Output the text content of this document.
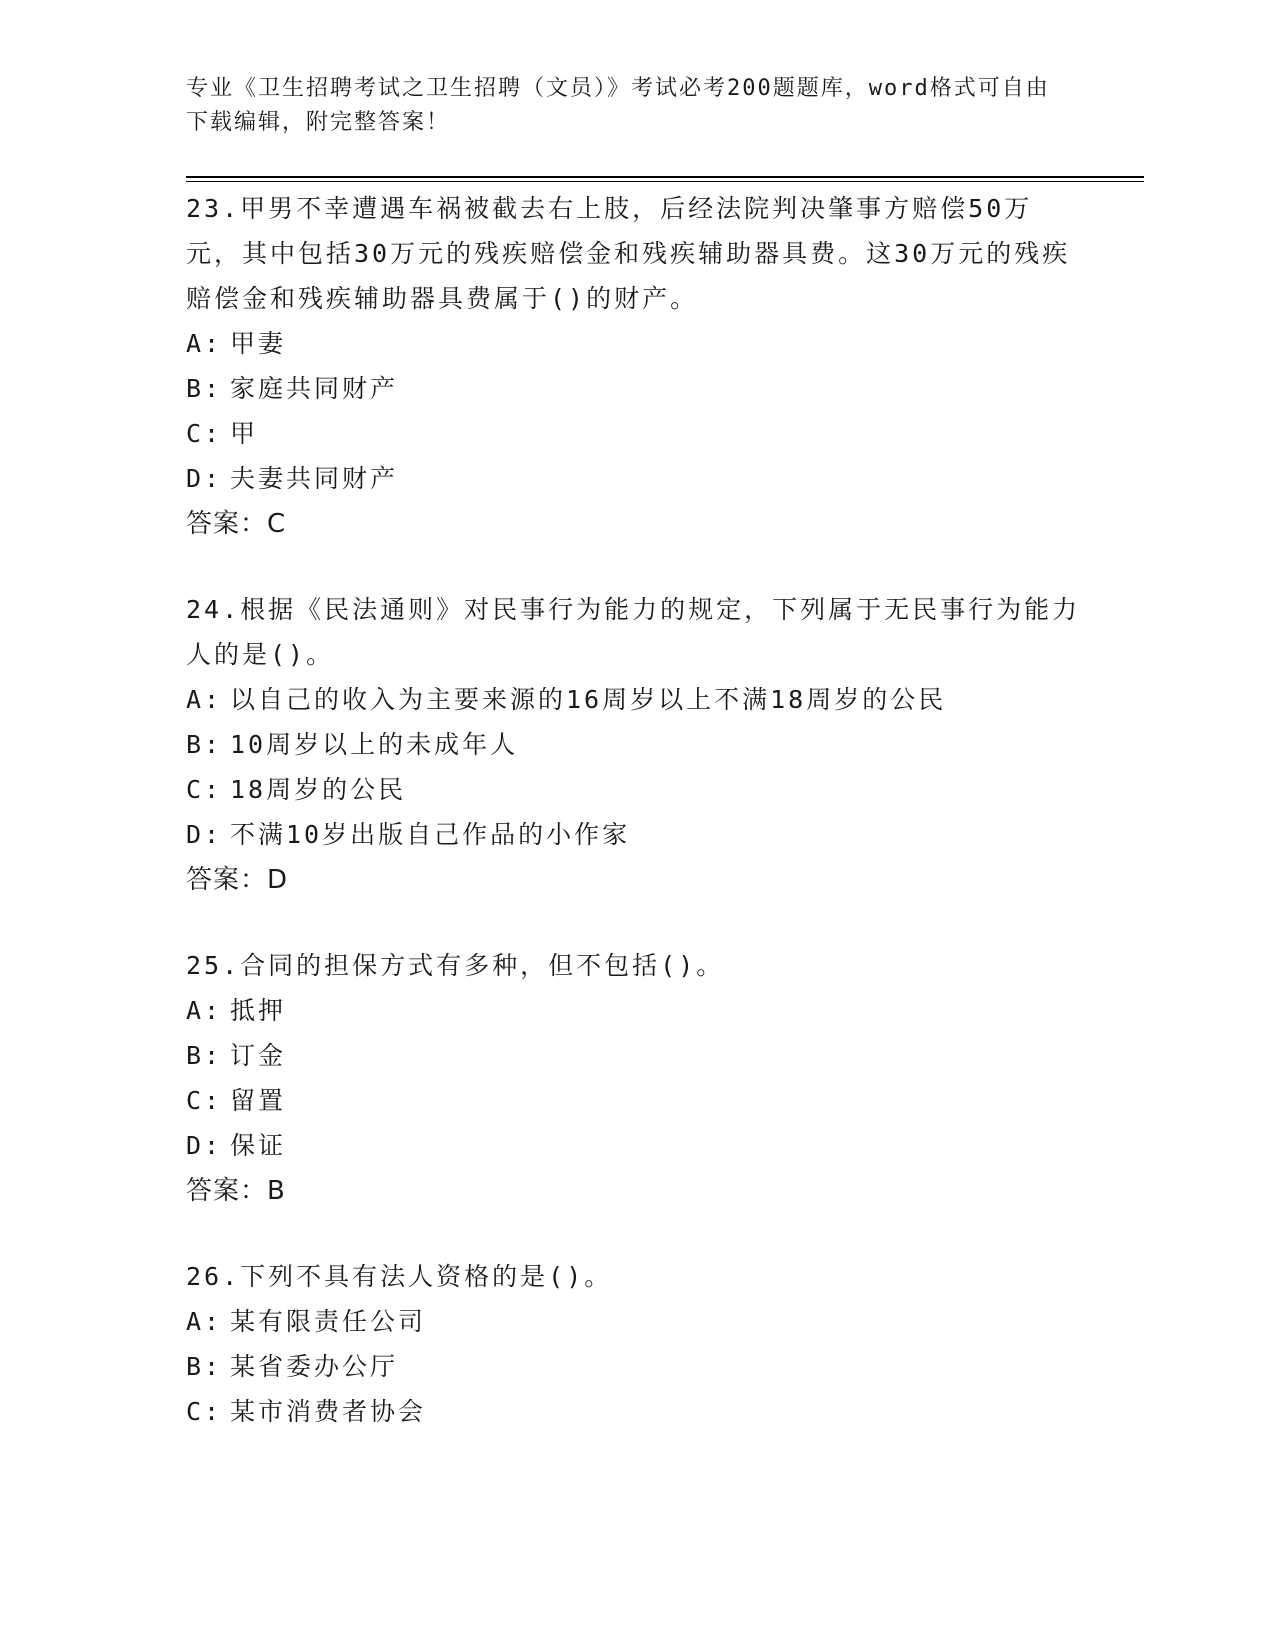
专业《卫生招聘考试之卫生招聘（文员）》考试必考200题题库，word格式可自由下载编辑，附完整答案！

23.甲男不幸遭遇车祸被截去右上肢，后经法院判决肇事方赔偿50万元，其中包括30万元的残疾赔偿金和残疾辅助器具费。这30万元的残疾赔偿金和残疾辅助器具费属于()的财产。

A: 甲妻

B: 家庭共同财产

C: 甲

D: 夫妻共同财产

答案：C

24.根据《民法通则》对民事行为能力的规定，下列属于无民事行为能力人的是()。

A: 以自己的收入为主要来源的16周岁以上不满18周岁的公民

B: 10周岁以上的未成年人

C: 18周岁的公民

D: 不满10岁出版自己作品的小作家

答案：D

25.合同的担保方式有多种，但不包括()。

A: 抵押

B: 订金

C: 留置

D: 保证

答案：B

26.下列不具有法人资格的是()。

A: 某有限责任公司

B: 某省委办公厅

C: 某市消费者协会
